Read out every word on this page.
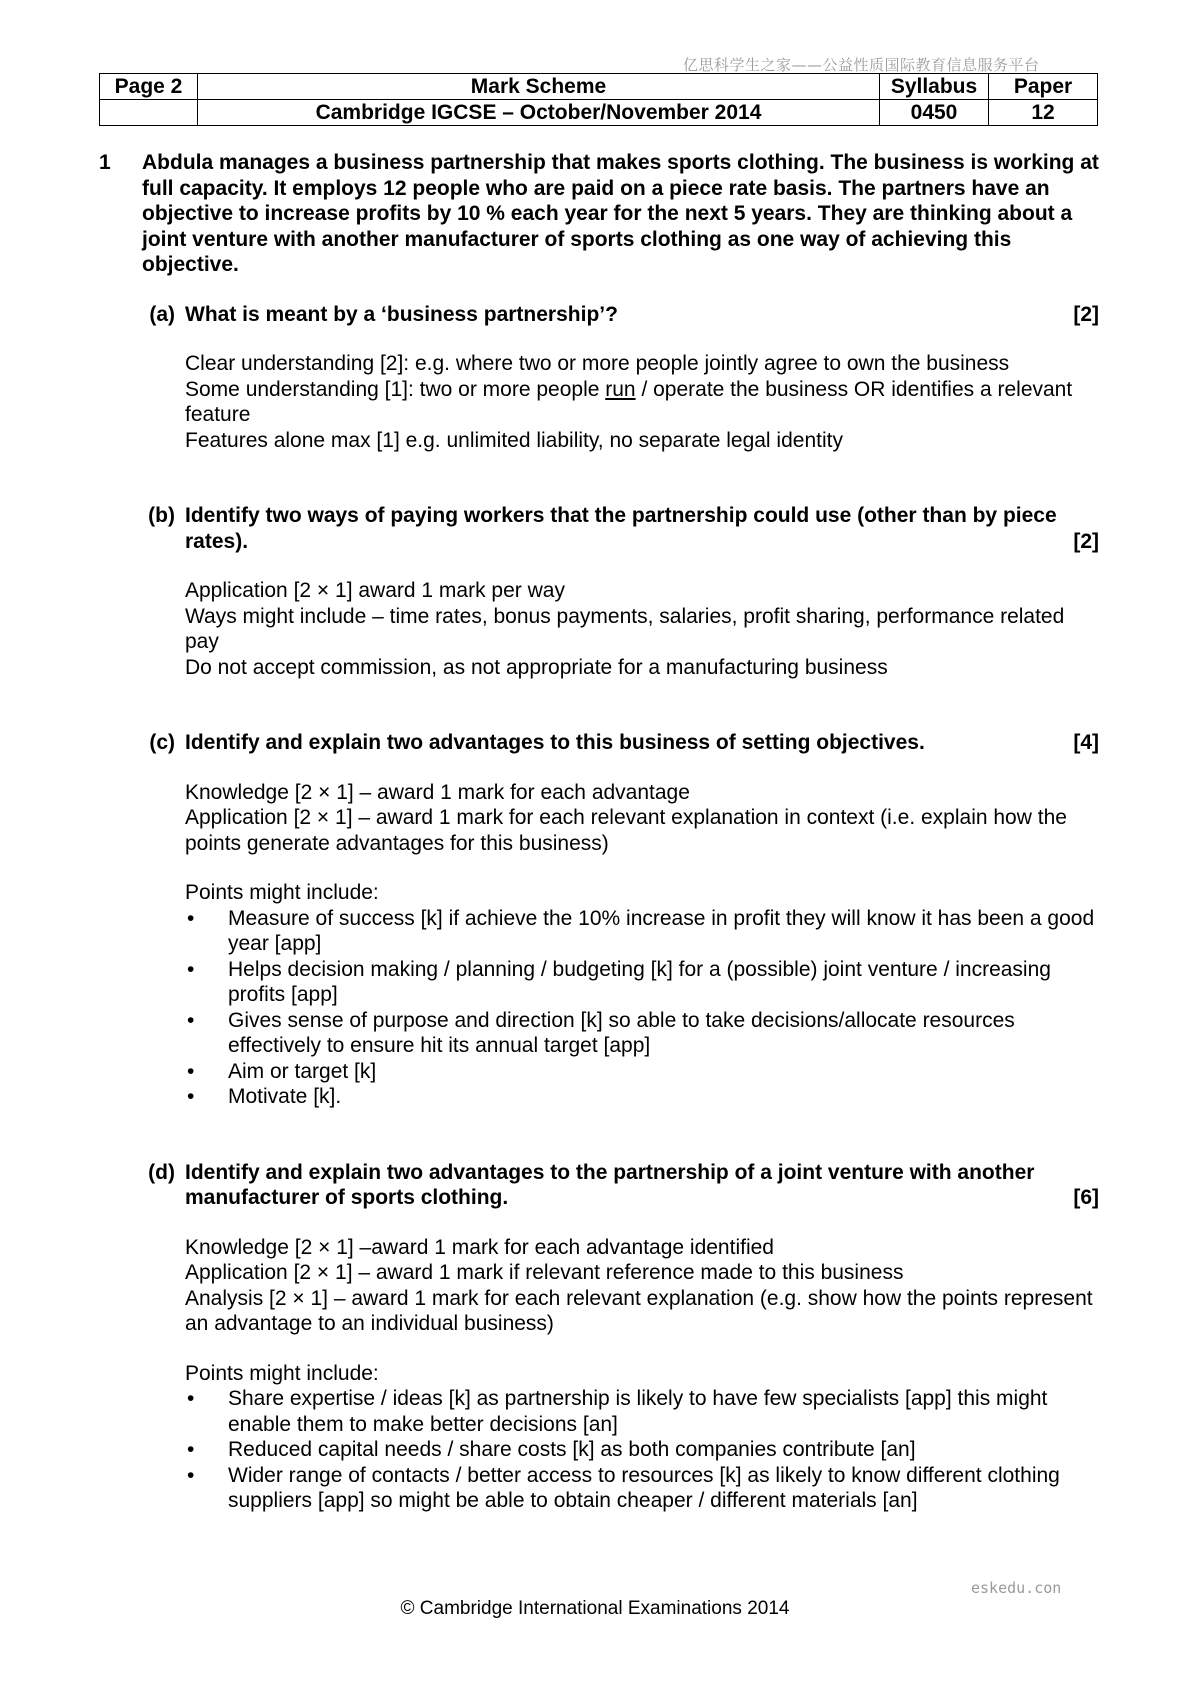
亿思科学生之家——公益性质国际教育信息服务平台
Page 2	Mark Scheme	Syllabus	Paper
	Cambridge IGCSE – October/November 2014	0450	12
1	Abdula manages a business partnership that makes sports clothing. The business is working at full capacity. It employs 12 people who are paid on a piece rate basis. The partners have an objective to increase profits by 10 % each year for the next 5 years. They are thinking about a joint venture with another manufacturer of sports clothing as one way of achieving this objective.
(a) What is meant by a ‘business partnership’?	[2]

Clear understanding [2]: e.g. where two or more people jointly agree to own the business

Some understanding [1]: two or more people run / operate the business OR identifies a relevant feature

Features alone max [1] e.g. unlimited liability, no separate legal identity

(b) Identify two ways of paying workers that the partnership could use (other than by piece rates).	[2]

Application [2 × 1] award 1 mark per way

Ways might include – time rates, bonus payments, salaries, profit sharing, performance related pay

Do not accept commission, as not appropriate for a manufacturing business

(c) Identify and explain two advantages to this business of setting objectives.	[4]

Knowledge [2 × 1] – award 1 mark for each advantage

Application [2 × 1] – award 1 mark for each relevant explanation in context (i.e. explain how the points generate advantages for this business)

Points might include:

• Measure of success [k] if achieve the 10% increase in profit they will know it has been a good year [app]
• Helps decision making / planning / budgeting [k] for a (possible) joint venture / increasing profits [app]
• Gives sense of purpose and direction [k] so able to take decisions/allocate resources effectively to ensure hit its annual target [app]
• Aim or target [k]
• Motivate [k].
(d) Identify and explain two advantages to the partnership of a joint venture with another manufacturer of sports clothing.	[6]

Knowledge [2 × 1] –award 1 mark for each advantage identified

Application [2 × 1] – award 1 mark if relevant reference made to this business

Analysis [2 × 1] – award 1 mark for each relevant explanation (e.g. show how the points represent an advantage to an individual business)

Points might include:

• Share expertise / ideas [k] as partnership is likely to have few specialists [app] this might enable them to make better decisions [an]
• Reduced capital needs / share costs [k] as both companies contribute [an]
• Wider range of contacts / better access to resources [k] as likely to know different clothing suppliers [app] so might be able to obtain cheaper / different materials [an]
eskedu.con
© Cambridge International Examinations 2014
